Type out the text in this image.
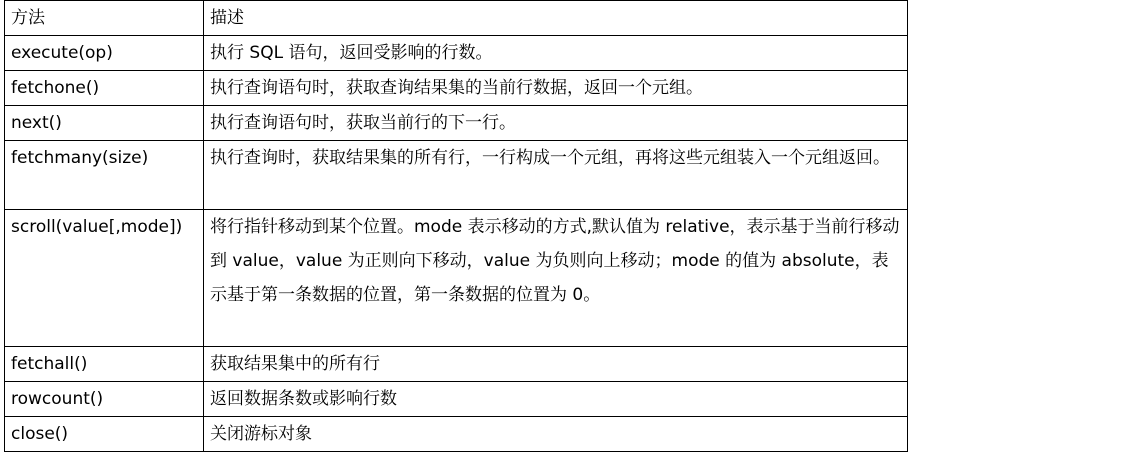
方法	描述
execute(op)	执行 SQL 语句，返回受影响的行数。
fetchone()	执行查询语句时，获取查询结果集的当前行数据，返回一个元组。
next()	执行查询语句时，获取当前行的下一行。
fetchmany(size)	执行查询时，获取结果集的所有行，一行构成一个元组，再将这些元组装入一个元组返回。
scroll(value[,mode])	将行指针移动到某个位置。mode 表示移动的方式,默认值为 relative，表示基于当前行移动到 value，value 为正则向下移动，value 为负则向上移动；mode 的值为 absolute，表示基于第一条数据的位置，第一条数据的位置为 0。
fetchall()	获取结果集中的所有行
rowcount()	返回数据条数或影响行数
close()	关闭游标对象
